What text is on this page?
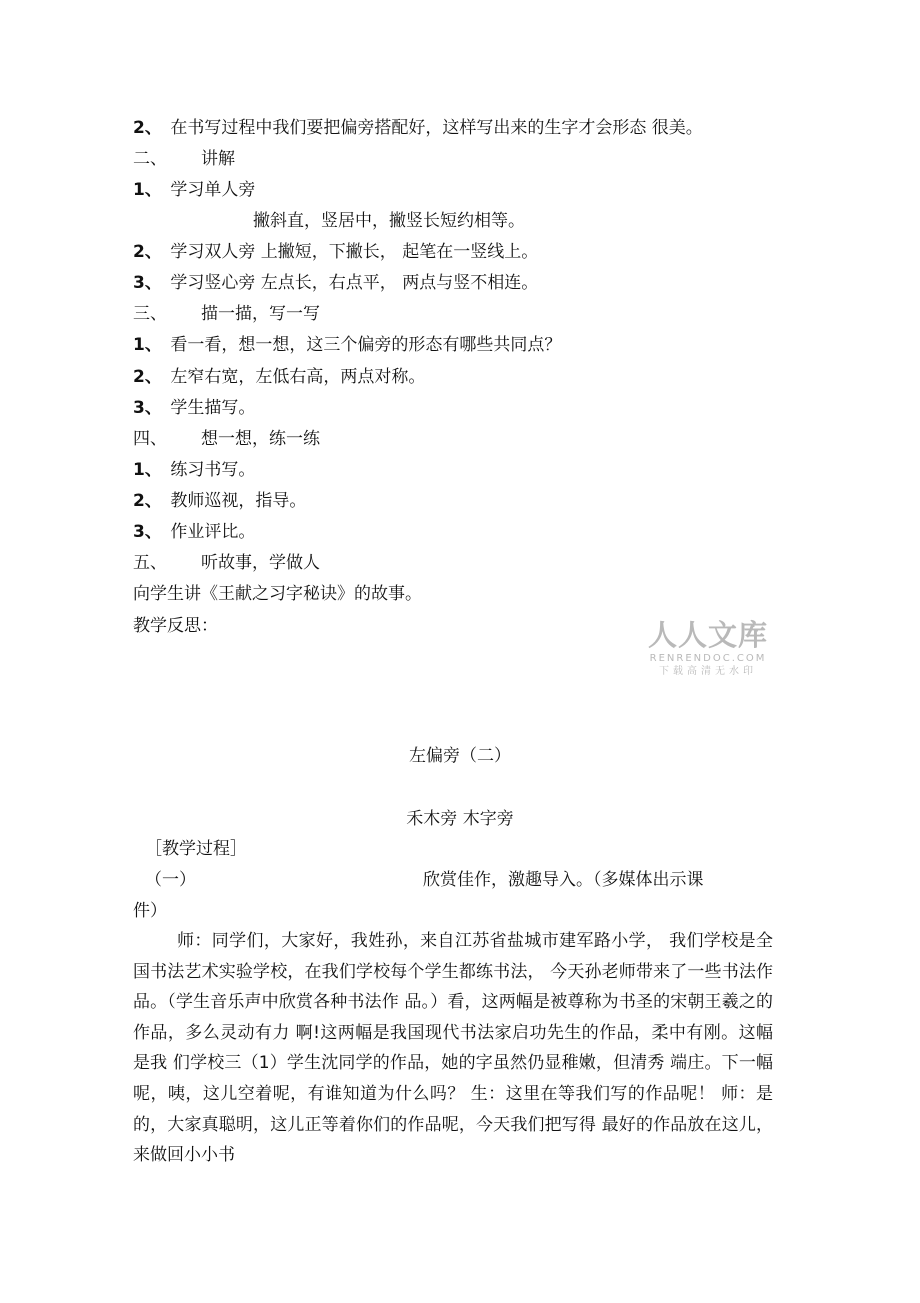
2、 在书写过程中我们要把偏旁搭配好，这样写出来的生字才会形态 很美。
二、 讲解
1、 学习单人旁
撇斜直，竖居中，撇竖长短约相等。
2、 学习双人旁 上撇短，下撇长， 起笔在一竖线上。
3、 学习竖心旁 左点长，右点平， 两点与竖不相连。
三、 描一描，写一写
1、 看一看，想一想，这三个偏旁的形态有哪些共同点？
2、 左窄右宽，左低右高，两点对称。
3、 学生描写。
四、 想一想，练一练
1、 练习书写。
2、 教师巡视，指导。
3、 作业评比。
五、 听故事，学做人
向学生讲《王献之习字秘诀》的故事。
教学反思：	人人文库
RENRENDOC.COM
下载高清无水印
左偏旁（二）
禾木旁 木字旁
［教学过程］
（一）	欣赏佳作，激趣导入。（多媒体出示课
件）
师：同学们，大家好，我姓孙，来自江苏省盐城市建军路小学， 我们学校是全国书法艺术实验学校，在我们学校每个学生都练书法， 今天孙老师带来了一些书法作品。（学生音乐声中欣赏各种书法作 品。）看，这两幅是被尊称为书圣的宋朝王羲之的作品，多么灵动有力 啊!这两幅是我国现代书法家启功先生的作品，柔中有刚。这幅是我 们学校三（1）学生沈同学的作品，她的字虽然仍显稚嫩，但清秀 端庄。下一幅呢，咦，这儿空着呢，有谁知道为什么吗？ 生：这里在等我们写的作品呢！ 师：是的，大家真聪明，这儿正等着你们的作品呢，今天我们把写得 最好的作品放在这儿，来做回小小书
